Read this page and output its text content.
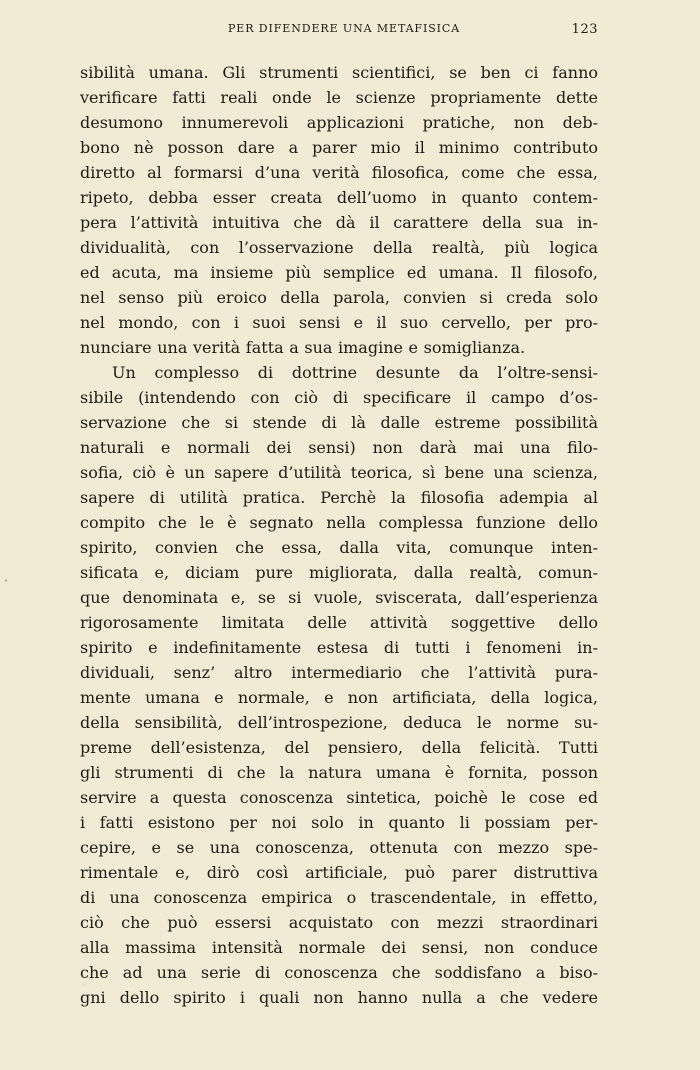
PER DIFENDERE UNA METAFISICA	123
sibilità umana. Gli strumenti scientifici, se ben ci fanno
verificare fatti reali onde le scienze propriamente dette
desumono innumerevoli applicazioni pratiche, non deb-
bono nè posson dare a parer mio il minimo contributo
diretto al formarsi d’una verità filosofica, come che essa,
ripeto, debba esser creata dell’uomo in quanto contem-
pera l’attività intuitiva che dà il carattere della sua in-
dividualità, con l’osservazione della realtà, più logica
ed acuta, ma insieme più semplice ed umana. Il filosofo,
nel senso più eroico della parola, convien si creda solo
nel mondo, con i suoi sensi e il suo cervello, per pro-
nunciare una verità fatta a sua imagine e somiglianza.
Un complesso di dottrine desunte da l’oltre-sensi-
sibile (intendendo con ciò di specificare il campo d’os-
servazione che si stende di là dalle estreme possibilità
naturali e normali dei sensi) non darà mai una filo-
sofia, ciò è un sapere d’utilità teorica, sì bene una scienza,
sapere di utilità pratica. Perchè la filosofia adempia al
compito che le è segnato nella complessa funzione dello
spirito, convien che essa, dalla vita, comunque inten-
sificata e, diciam pure migliorata, dalla realtà, comun-
que denominata e, se si vuole, sviscerata, dall’esperienza
rigorosamente limitata delle attività soggettive dello
spirito e indefinitamente estesa di tutti i fenomeni in-
dividuali, senz’ altro intermediario che l’attività pura-
mente umana e normale, e non artificiata, della logica,
della sensibilità, dell’introspezione, deduca le norme su-
preme dell’esistenza, del pensiero, della felicità. Tutti
gli strumenti di che la natura umana è fornita, posson
servire a questa conoscenza sintetica, poichè le cose ed
i fatti esistono per noi solo in quanto li possiam per-
cepire, e se una conoscenza, ottenuta con mezzo spe-
rimentale e, dirò così artificiale, può parer distruttiva
di una conoscenza empirica o trascendentale, in effetto,
ciò che può essersi acquistato con mezzi straordinari
alla massima intensità normale dei sensi, non conduce
che ad una serie di conoscenza che soddisfano a biso-
gni dello spirito i quali non hanno nulla a che vedere
